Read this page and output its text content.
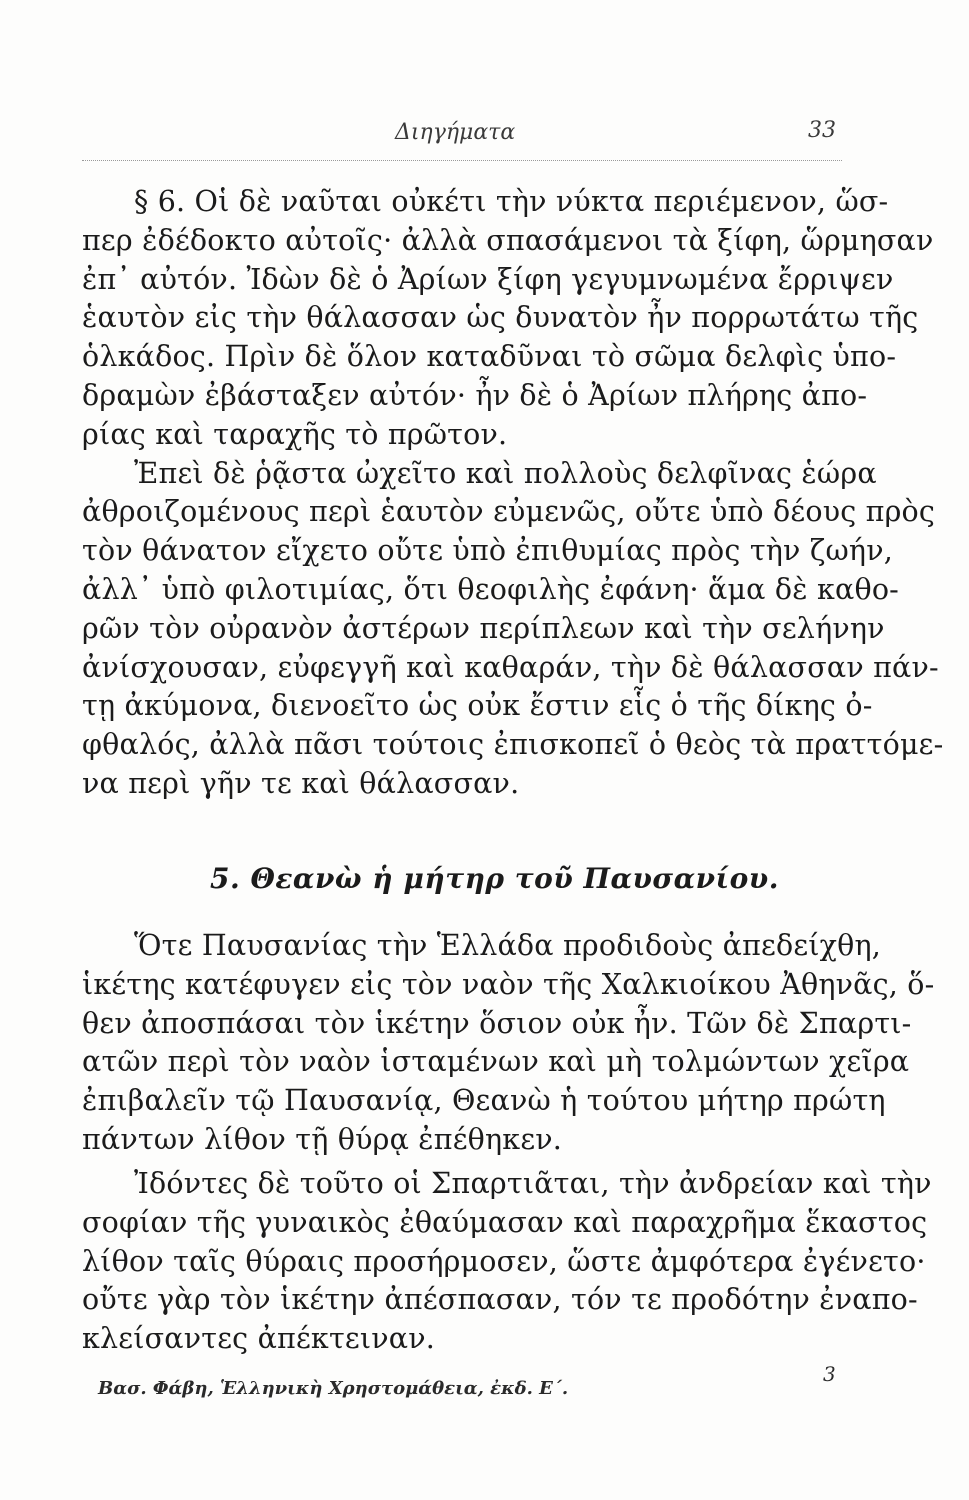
Διηγήματα	33
§ 6. Οἱ δὲ ναῦται οὐκέτι τὴν νύκτα περιέμενον, ὥσ-
περ ἐδέδοκτο αὐτοῖς· ἀλλὰ σπασάμενοι τὰ ξίφη, ὥρμησαν
ἐπ᾿ αὐτόν. Ἰδὼν δὲ ὁ Ἀρίων ξίφη γεγυμνωμένα ἔρριψεν
ἑαυτὸν εἰς τὴν θάλασσαν ὡς δυνατὸν ἦν πορρωτάτω τῆς
ὁλκάδος. Πρὶν δὲ ὅλον καταδῦναι τὸ σῶμα δελφὶς ὑπο-
δραμὼν ἐβάσταξεν αὐτόν· ἦν δὲ ὁ Ἀρίων πλήρης ἀπο-
ρίας καὶ ταραχῆς τὸ πρῶτον.
Ἐπεὶ δὲ ῥᾷστα ὠχεῖτο καὶ πολλοὺς δελφῖνας ἑώρα
ἀθροιζομένους περὶ ἑαυτὸν εὐμενῶς, οὔτε ὑπὸ δέους πρὸς
τὸν θάνατον εἴχετο οὔτε ὑπὸ ἐπιθυμίας πρὸς τὴν ζωήν,
ἀλλ᾿ ὑπὸ φιλοτιμίας, ὅτι θεοφιλὴς ἐφάνη· ἅμα δὲ καθο-
ρῶν τὸν οὐρανὸν ἀστέρων περίπλεων καὶ τὴν σελήνην
ἀνίσχουσαν, εὐφεγγῆ καὶ καθαράν, τὴν δὲ θάλασσαν πάν-
τῃ ἀκύμονα, διενοεῖτο ὡς οὐκ ἔστιν εἷς ὁ τῆς δίκης ὀ-
φθαλός, ἀλλὰ πᾶσι τούτοις ἐπισκοπεῖ ὁ θεὸς τὰ πραττόμε-
να περὶ γῆν τε καὶ θάλασσαν.
5. Θεανὼ ἡ μήτηρ τοῦ Παυσανίου.
Ὅτε Παυσανίας τὴν Ἑλλάδα προδιδοὺς ἀπεδείχθη,
ἱκέτης κατέφυγεν εἰς τὸν ναὸν τῆς Χαλκιοίκου Ἀθηνᾶς, ὅ-
θεν ἀποσπάσαι τὸν ἱκέτην ὅσιον οὐκ ἦν. Τῶν δὲ Σπαρτι-
ατῶν περὶ τὸν ναὸν ἱσταμένων καὶ μὴ τολμώντων χεῖρα
ἐπιβαλεῖν τῷ Παυσανίᾳ, Θεανὼ ἡ τούτου μήτηρ πρώτη
πάντων λίθον τῇ θύρᾳ ἐπέθηκεν.
Ἰδόντες δὲ τοῦτο οἱ Σπαρτιᾶται, τὴν ἀνδρείαν καὶ τὴν
σοφίαν τῆς γυναικὸς ἐθαύμασαν καὶ παραχρῆμα ἕκαστος
λίθον ταῖς θύραις προσήρμοσεν, ὥστε ἀμφότερα ἐγένετο·
οὔτε γὰρ τὸν ἱκέτην ἀπέσπασαν, τόν τε προδότην ἐναπο-
κλείσαντες ἀπέκτειναν.
Βασ. Φάβη, Ἑλληνικὴ Χρηστομάθεια, ἐκδ. Ε΄.
3
